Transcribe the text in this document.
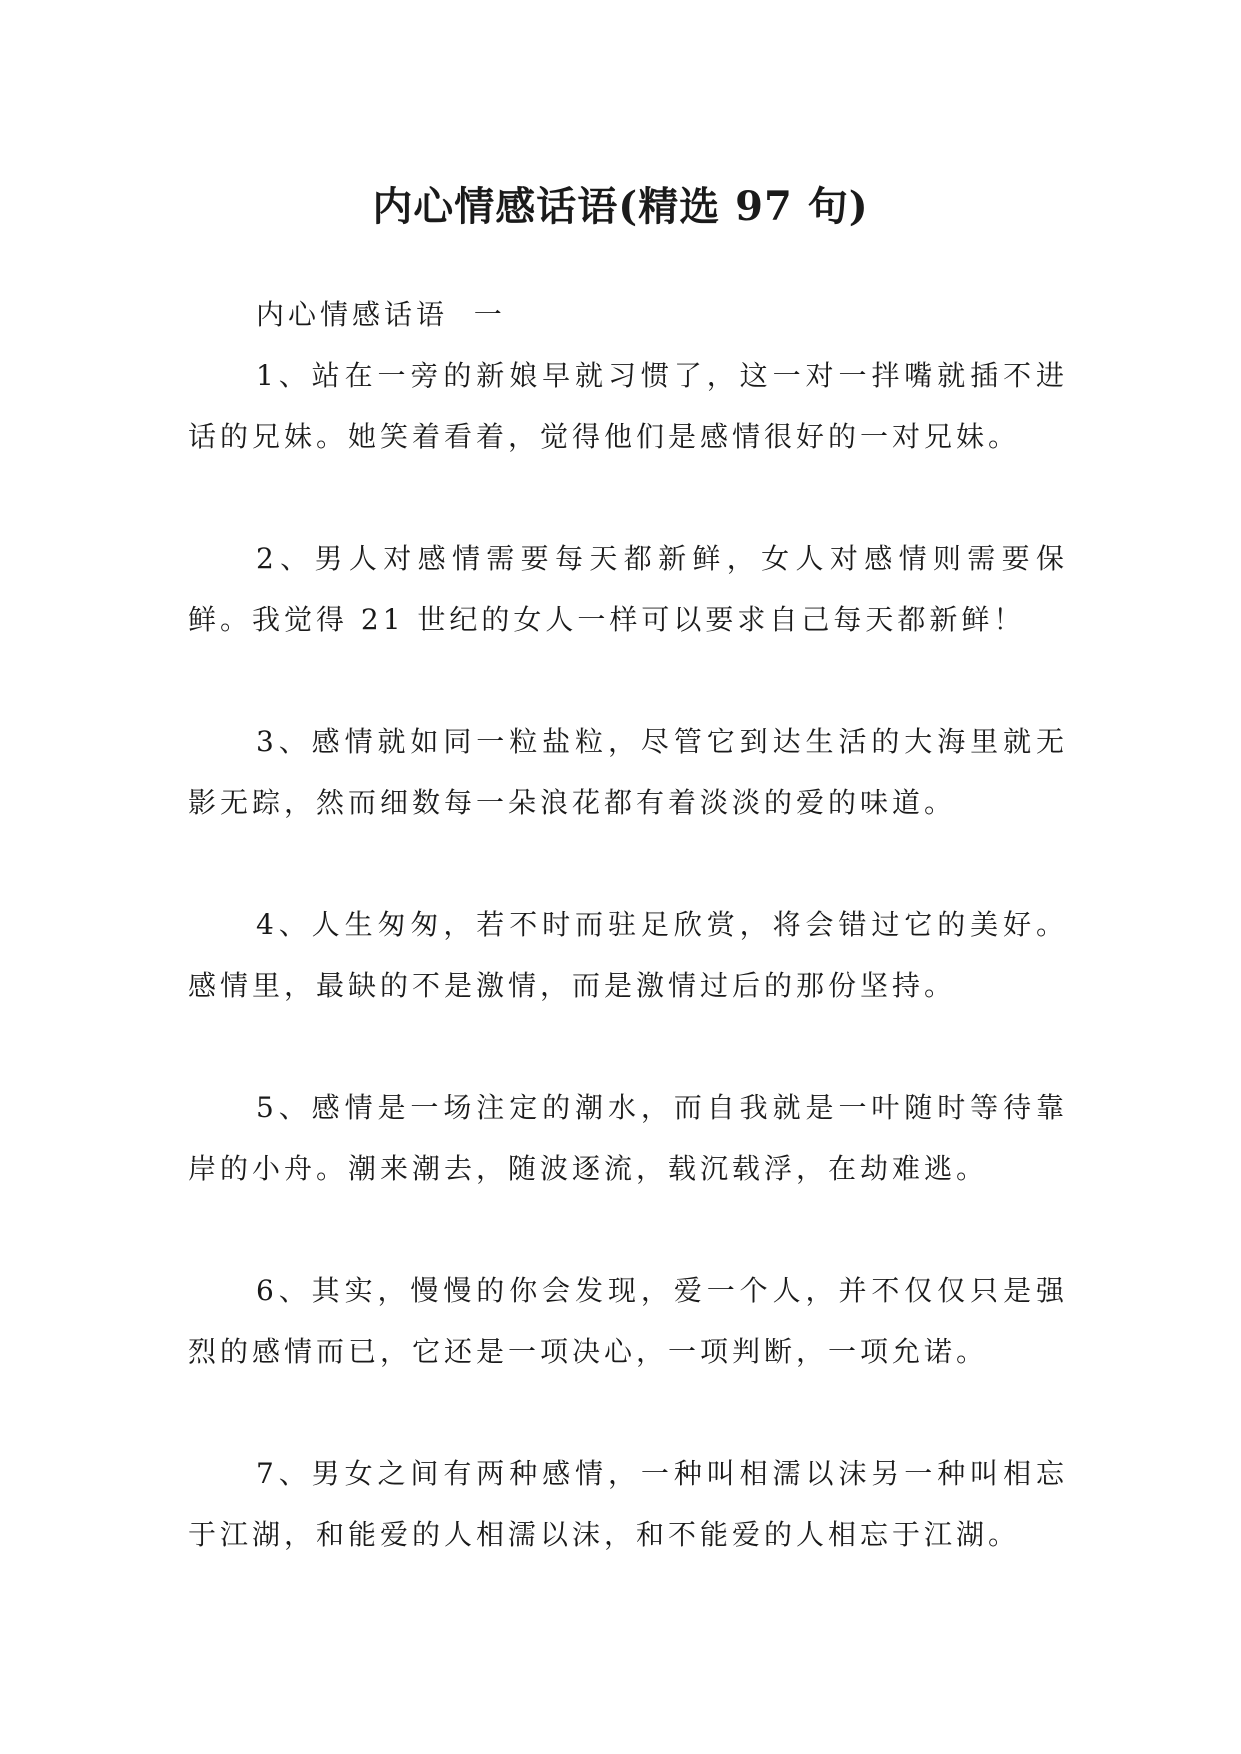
内心情感话语(精选 97 句)

内心情感话语  一

1、站在一旁的新娘早就习惯了，这一对一拌嘴就插不进话的兄妹。她笑着看着，觉得他们是感情很好的一对兄妹。

2、男人对感情需要每天都新鲜，女人对感情则需要保鲜。我觉得 21 世纪的女人一样可以要求自己每天都新鲜！

3、感情就如同一粒盐粒，尽管它到达生活的大海里就无影无踪，然而细数每一朵浪花都有着淡淡的爱的味道。

4、人生匆匆，若不时而驻足欣赏，将会错过它的美好。感情里，最缺的不是激情，而是激情过后的那份坚持。

5、感情是一场注定的潮水，而自我就是一叶随时等待靠岸的小舟。潮来潮去，随波逐流，载沉载浮，在劫难逃。

6、其实，慢慢的你会发现，爱一个人，并不仅仅只是强烈的感情而已，它还是一项决心，一项判断，一项允诺。

7、男女之间有两种感情，一种叫相濡以沫另一种叫相忘于江湖，和能爱的人相濡以沫，和不能爱的人相忘于江湖。
